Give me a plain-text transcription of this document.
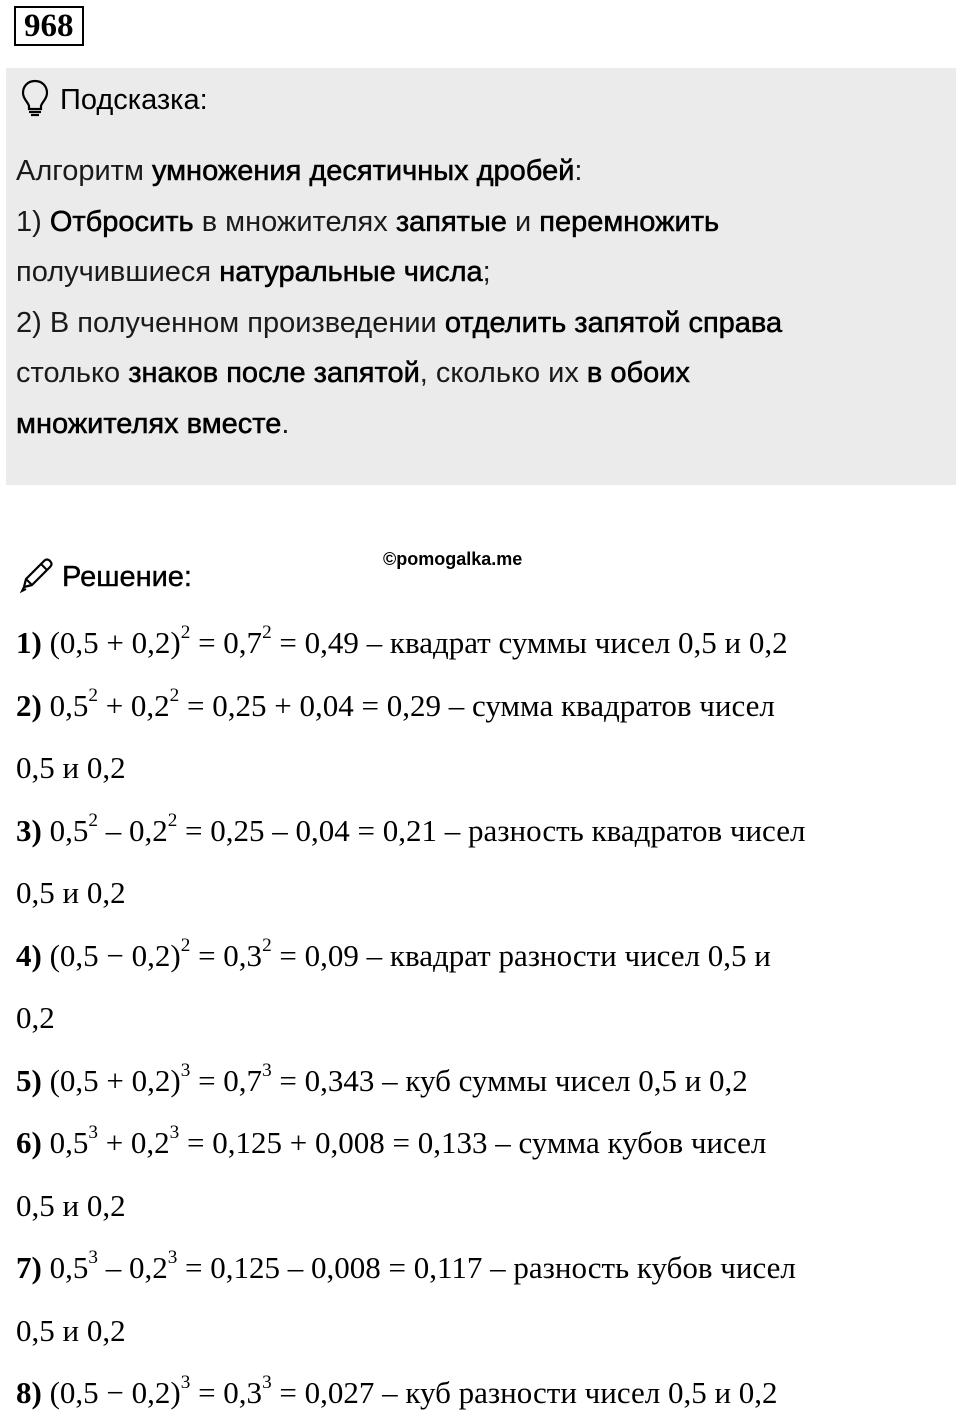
968
Подсказка:

Алгоритм умножения десятичных дробей:

1) Отбросить в множителях запятые и перемножить

получившиеся натуральные числа;

2) В полученном произведении отделить запятой справа

столько знаков после запятой, сколько их в обоих

множителях вместе.

Решение:
©pomogalka.me

1) $(0,5 + 0,2)^2 = 0,7^2 = 0,49$ – квадрат суммы чисел 0,5 и 0,2

2) $0,5^2 + 0,2^2 = 0,25 + 0,04 = 0,29$ – сумма квадратов чисел

0,5 и 0,2

3) $0,5^2 - 0,2^2 = 0,25 - 0,04 = 0,21$ – разность квадратов чисел

0,5 и 0,2

4) $(0,5 - 0,2)^2 = 0,3^2 = 0,09$ – квадрат разности чисел 0,5 и

0,2

5) $(0,5 + 0,2)^3 = 0,7^3 = 0,343$ – куб суммы чисел 0,5 и 0,2

6) $0,5^3 + 0,2^3 = 0,125 + 0,008 = 0,133$ – сумма кубов чисел

0,5 и 0,2

7) $0,5^3 - 0,2^3 = 0,125 - 0,008 = 0,117$ – разность кубов чисел

0,5 и 0,2

8) $(0,5 - 0,2)^3 = 0,3^3 = 0,027$ – куб разности чисел 0,5 и 0,2
